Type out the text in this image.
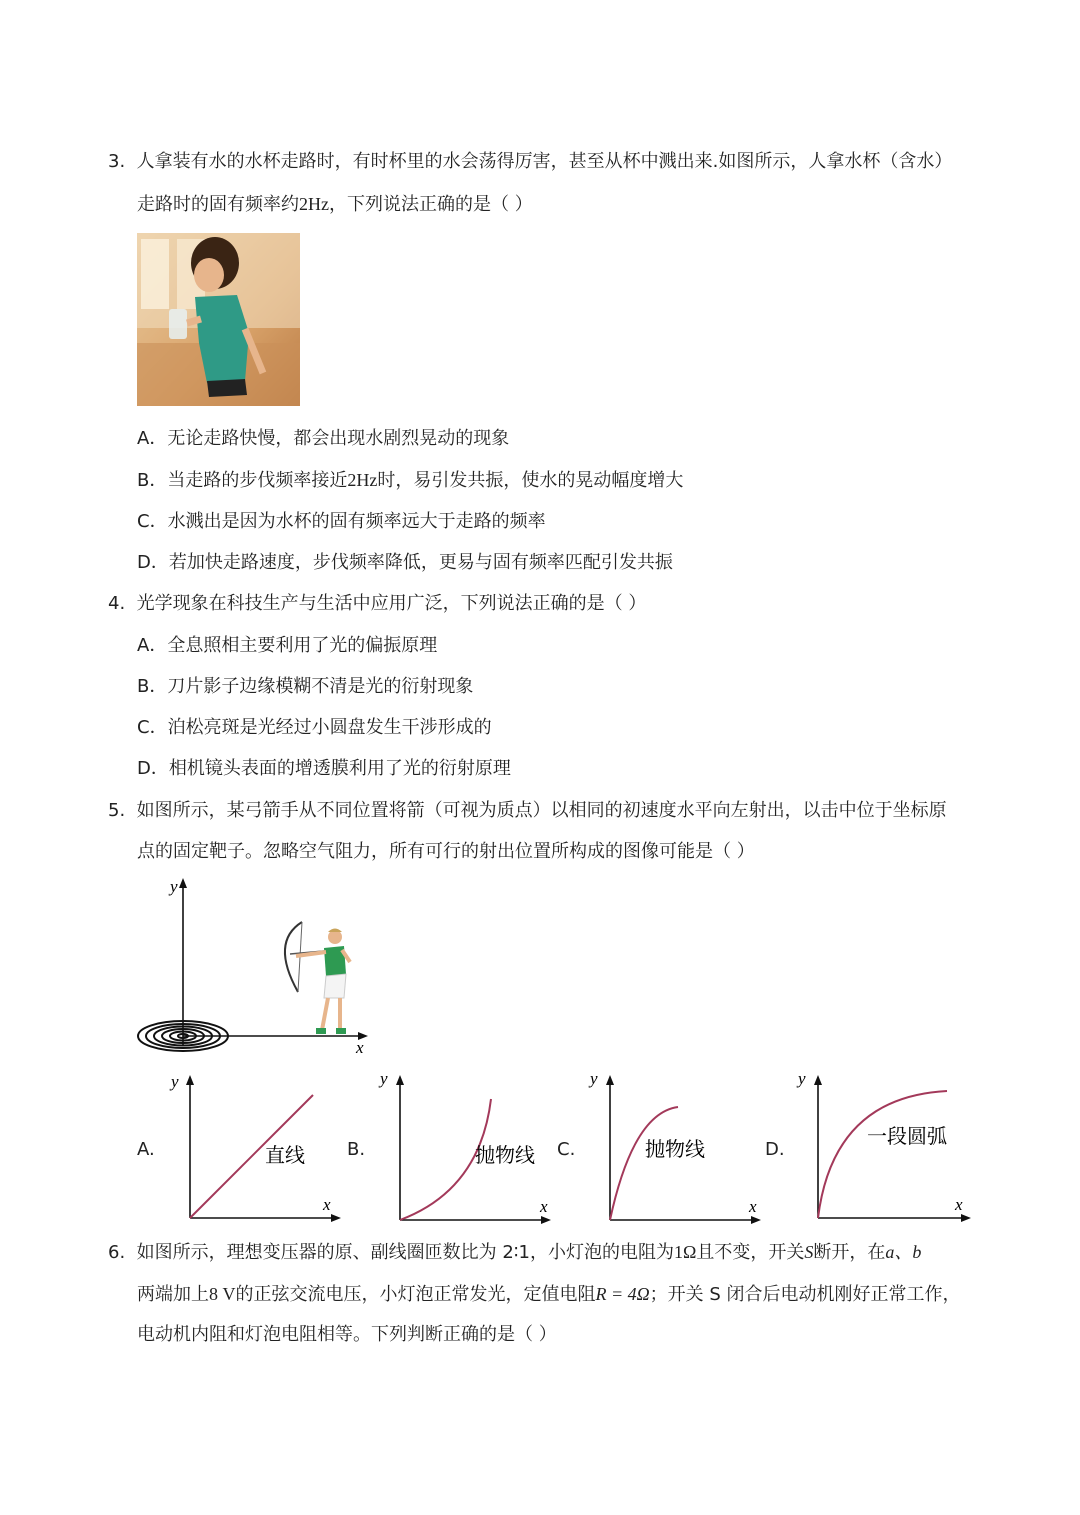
3. 人拿装有水的水杯走路时，有时杯里的水会荡得厉害，甚至从杯中溅出来.如图所示，人拿水杯（含水）
走路时的固有频率约2Hz，下列说法正确的是（ ）
A．无论走路快慢，都会出现水剧烈晃动的现象
B．当走路的步伐频率接近2Hz时，易引发共振，使水的晃动幅度增大
C．水溅出是因为水杯的固有频率远大于走路的频率
D．若加快走路速度，步伐频率降低，更易与固有频率匹配引发共振
4. 光学现象在科技生产与生活中应用广泛，下列说法正确的是（ ）
A．全息照相主要利用了光的偏振原理
B．刀片影子边缘模糊不清是光的衍射现象
C．泊松亮斑是光经过小圆盘发生干涉形成的
D．相机镜头表面的增透膜利用了光的衍射原理
5. 如图所示，某弓箭手从不同位置将箭（可视为质点）以相同的初速度水平向左射出，以击中位于坐标原
点的固定靶子。忽略空气阻力，所有可行的射出位置所构成的图像可能是（ ）
y
x
A.	B.	C.	D.
y
x
直线
y
x
抛物线
y
x
抛物线
y
x
一段圆弧
6. 如图所示，理想变压器的原、副线圈匝数比为 2∶1，小灯泡的电阻为1Ω且不变，开关S断开，在a、b
两端加上8 V的正弦交流电压，小灯泡正常发光，定值电阻R = 4Ω；开关 S 闭合后电动机刚好正常工作，
电动机内阻和灯泡电阻相等。下列判断正确的是（ ）
